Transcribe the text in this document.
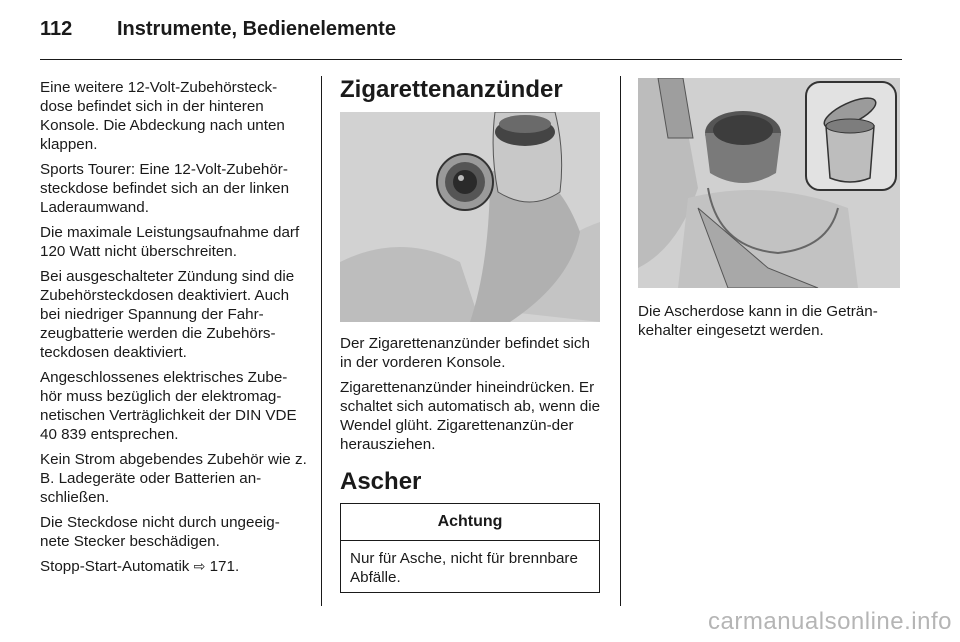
112 Instrumente, Bedienelemente

Eine weitere 12-Volt-Zubehörsteck-dose befindet sich in der hinteren Konsole. Die Abdeckung nach unten klappen.

Sports Tourer: Eine 12-Volt-Zubehör-steckdose befindet sich an der linken Laderaumwand.

Die maximale Leistungsaufnahme darf 120 Watt nicht überschreiten.

Bei ausgeschalteter Zündung sind die Zubehörsteckdosen deaktiviert. Auch bei niedriger Spannung der Fahr-zeugbatterie werden die Zubehörs-teckdosen deaktiviert.

Angeschlossenes elektrisches Zube-hör muss bezüglich der elektromag-netischen Verträglichkeit der DIN VDE 40 839 entsprechen.

Kein Strom abgebendes Zubehör wie z. B. Ladegeräte oder Batterien an-schließen.

Die Steckdose nicht durch ungeeig-nete Stecker beschädigen.

Stopp-Start-Automatik ⇨ 171.

Zigarettenanzünder

Der Zigarettenanzünder befindet sich in der vorderen Konsole.

Zigarettenanzünder hineindrücken. Er schaltet sich automatisch ab, wenn die Wendel glüht. Zigarettenanzün-der herausziehen.

Ascher
Achtung
Nur für Asche, nicht für brennbare Abfälle.

Die Ascherdose kann in die Geträn-kehalter eingesetzt werden.

carmanualsonline.info
